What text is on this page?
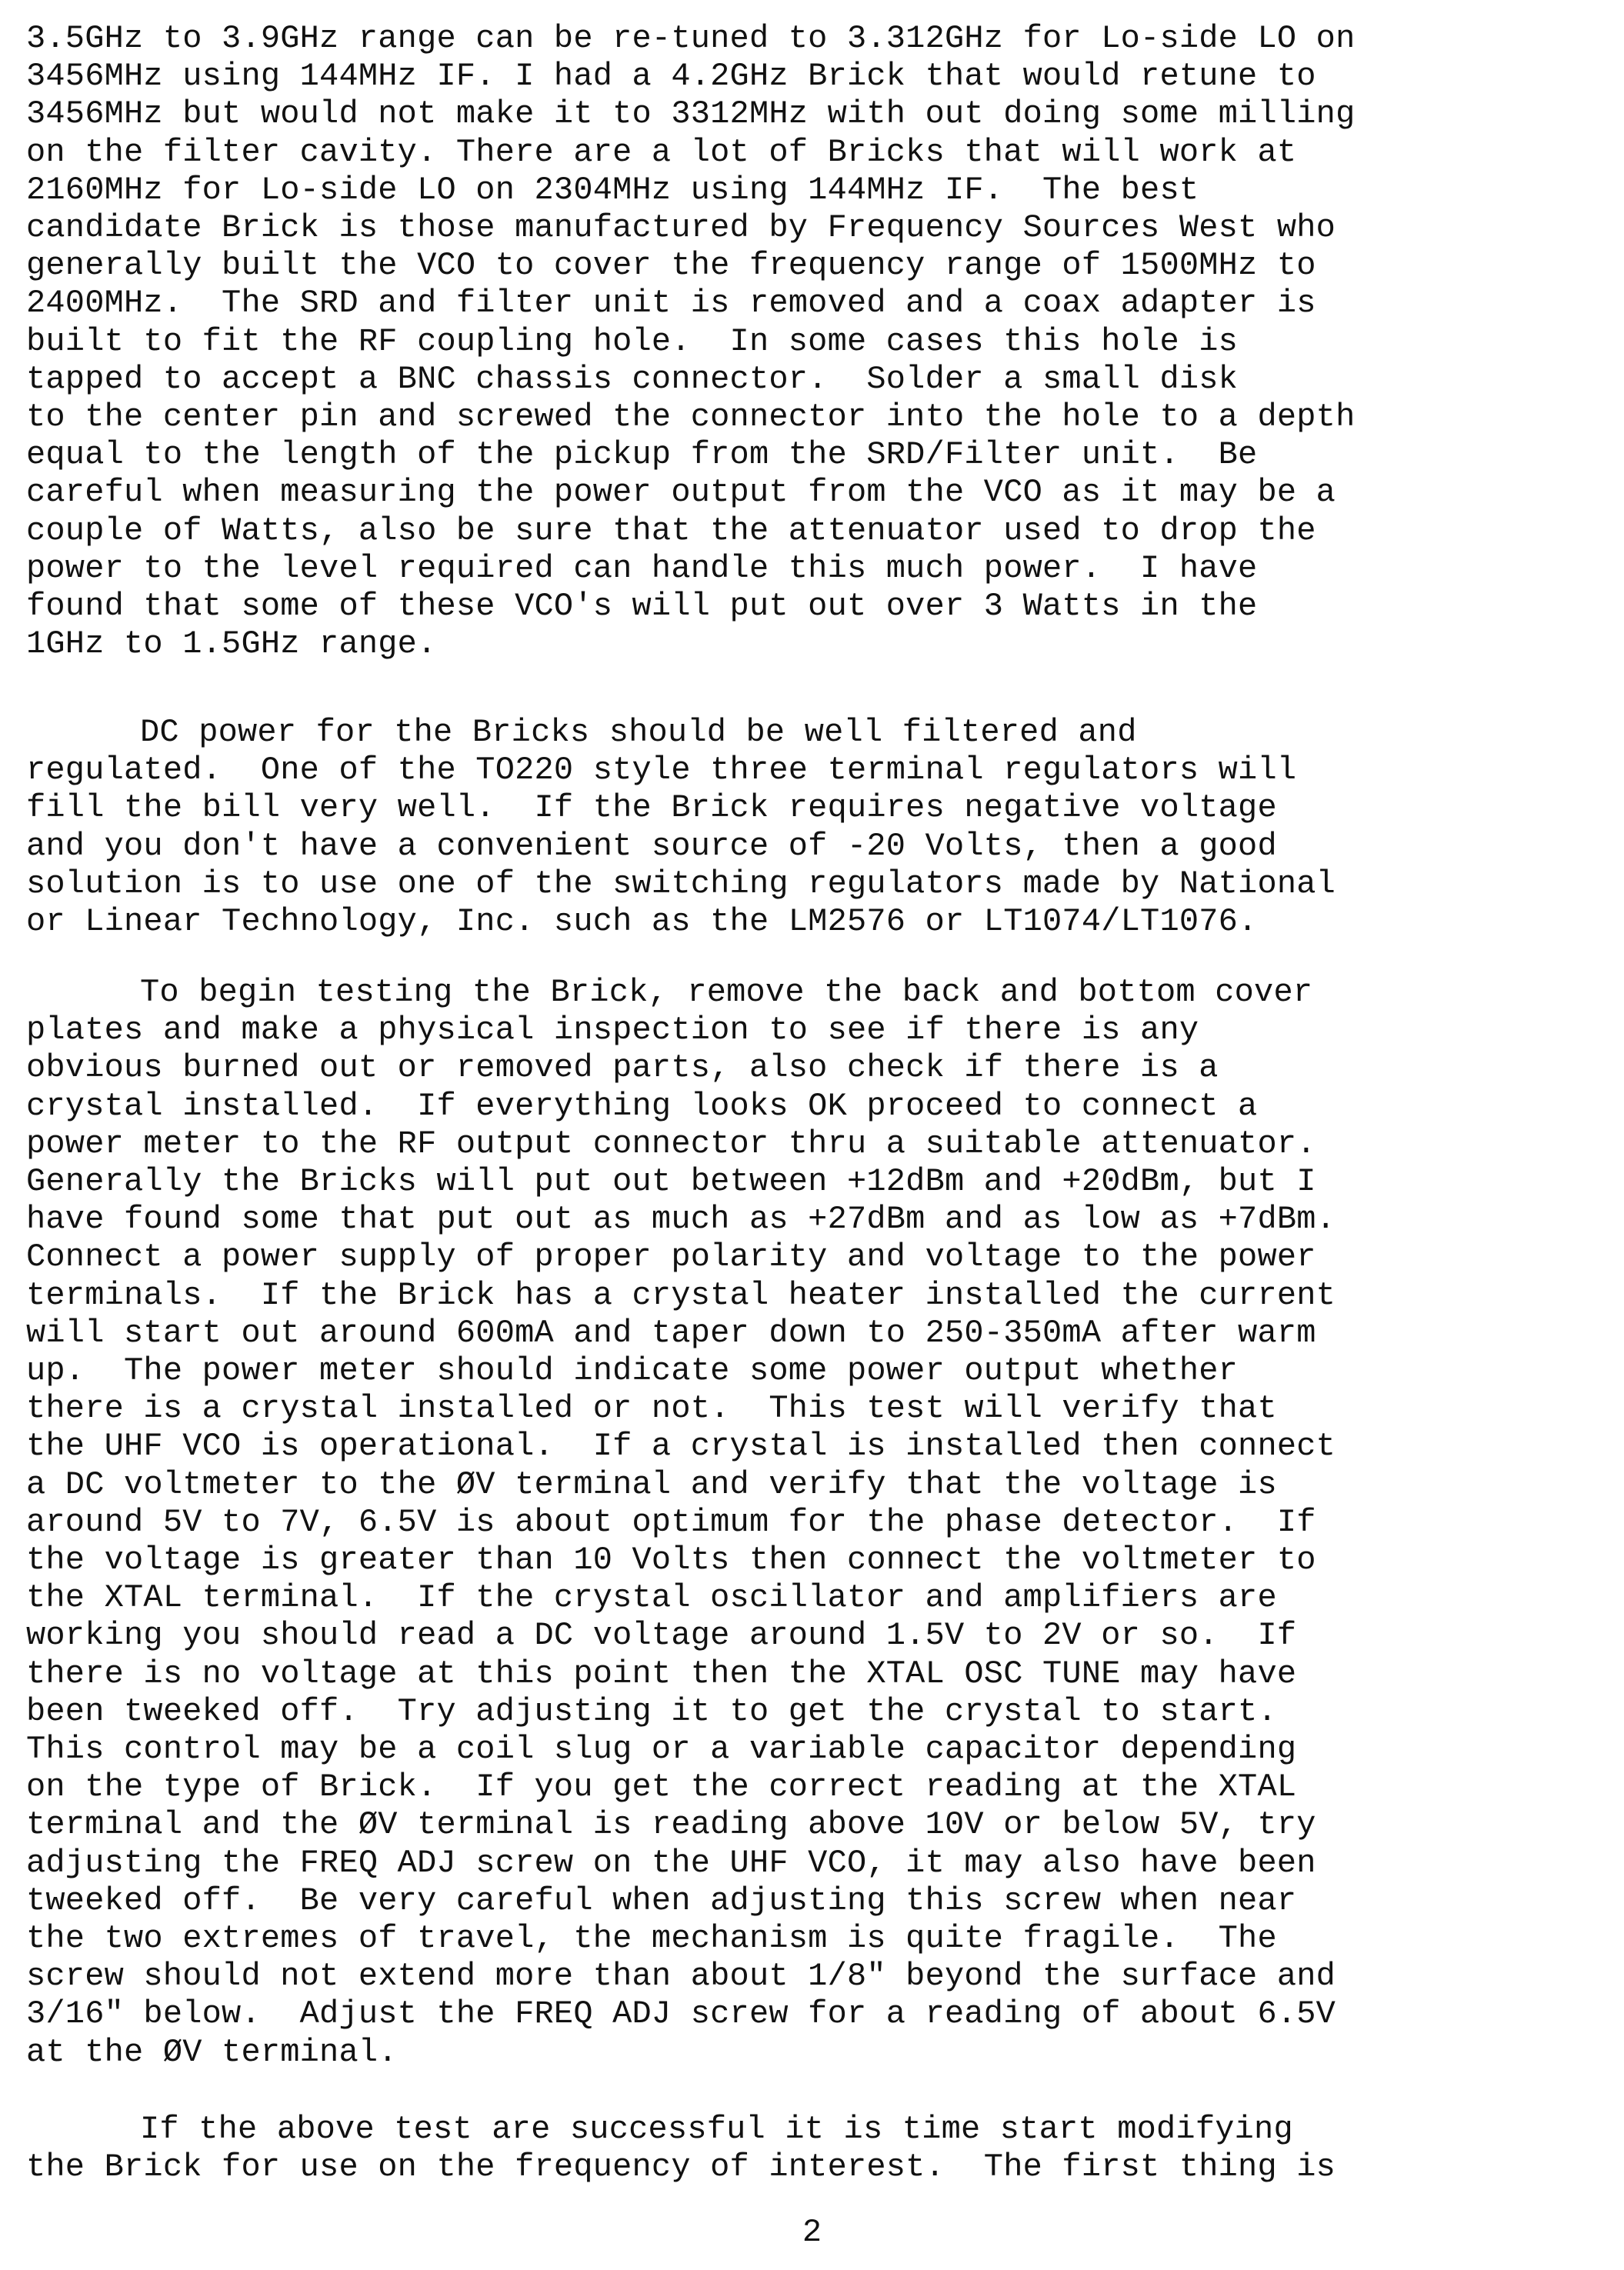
3.5GHz to 3.9GHz range can be re-tuned to 3.312GHz for Lo-side LO on
3456MHz using 144MHz IF. I had a 4.2GHz Brick that would retune to
3456MHz but would not make it to 3312MHz with out doing some milling
on the filter cavity. There are a lot of Bricks that will work at
2160MHz for Lo-side LO on 2304MHz using 144MHz IF.  The best
candidate Brick is those manufactured by Frequency Sources West who
generally built the VCO to cover the frequency range of 1500MHz to
2400MHz.  The SRD and filter unit is removed and a coax adapter is
built to fit the RF coupling hole.  In some cases this hole is
tapped to accept a BNC chassis connector.  Solder a small disk
to the center pin and screwed the connector into the hole to a depth
equal to the length of the pickup from the SRD/Filter unit.  Be
careful when measuring the power output from the VCO as it may be a
couple of Watts, also be sure that the attenuator used to drop the
power to the level required can handle this much power.  I have
found that some of these VCO's will put out over 3 Watts in the
1GHz to 1.5GHz range.

DC power for the Bricks should be well filtered and
regulated.  One of the TO220 style three terminal regulators will
fill the bill very well.  If the Brick requires negative voltage
and you don't have a convenient source of -20 Volts, then a good
solution is to use one of the switching regulators made by National
or Linear Technology, Inc. such as the LM2576 or LT1074/LT1076.

To begin testing the Brick, remove the back and bottom cover
plates and make a physical inspection to see if there is any
obvious burned out or removed parts, also check if there is a
crystal installed.  If everything looks OK proceed to connect a
power meter to the RF output connector thru a suitable attenuator.
Generally the Bricks will put out between +12dBm and +20dBm, but I
have found some that put out as much as +27dBm and as low as +7dBm.
Connect a power supply of proper polarity and voltage to the power
terminals.  If the Brick has a crystal heater installed the current
will start out around 600mA and taper down to 250-350mA after warm
up.  The power meter should indicate some power output whether
there is a crystal installed or not.  This test will verify that
the UHF VCO is operational.  If a crystal is installed then connect
a DC voltmeter to the ØV terminal and verify that the voltage is
around 5V to 7V, 6.5V is about optimum for the phase detector.  If
the voltage is greater than 10 Volts then connect the voltmeter to
the XTAL terminal.  If the crystal oscillator and amplifiers are
working you should read a DC voltage around 1.5V to 2V or so.  If
there is no voltage at this point then the XTAL OSC TUNE may have
been tweeked off.  Try adjusting it to get the crystal to start.
This control may be a coil slug or a variable capacitor depending
on the type of Brick.  If you get the correct reading at the XTAL
terminal and the ØV terminal is reading above 10V or below 5V, try
adjusting the FREQ ADJ screw on the UHF VCO, it may also have been
tweeked off.  Be very careful when adjusting this screw when near
the two extremes of travel, the mechanism is quite fragile.  The
screw should not extend more than about 1/8" beyond the surface and
3/16" below.  Adjust the FREQ ADJ screw for a reading of about 6.5V
at the ØV terminal.

If the above test are successful it is time start modifying
the Brick for use on the frequency of interest.  The first thing is

2
